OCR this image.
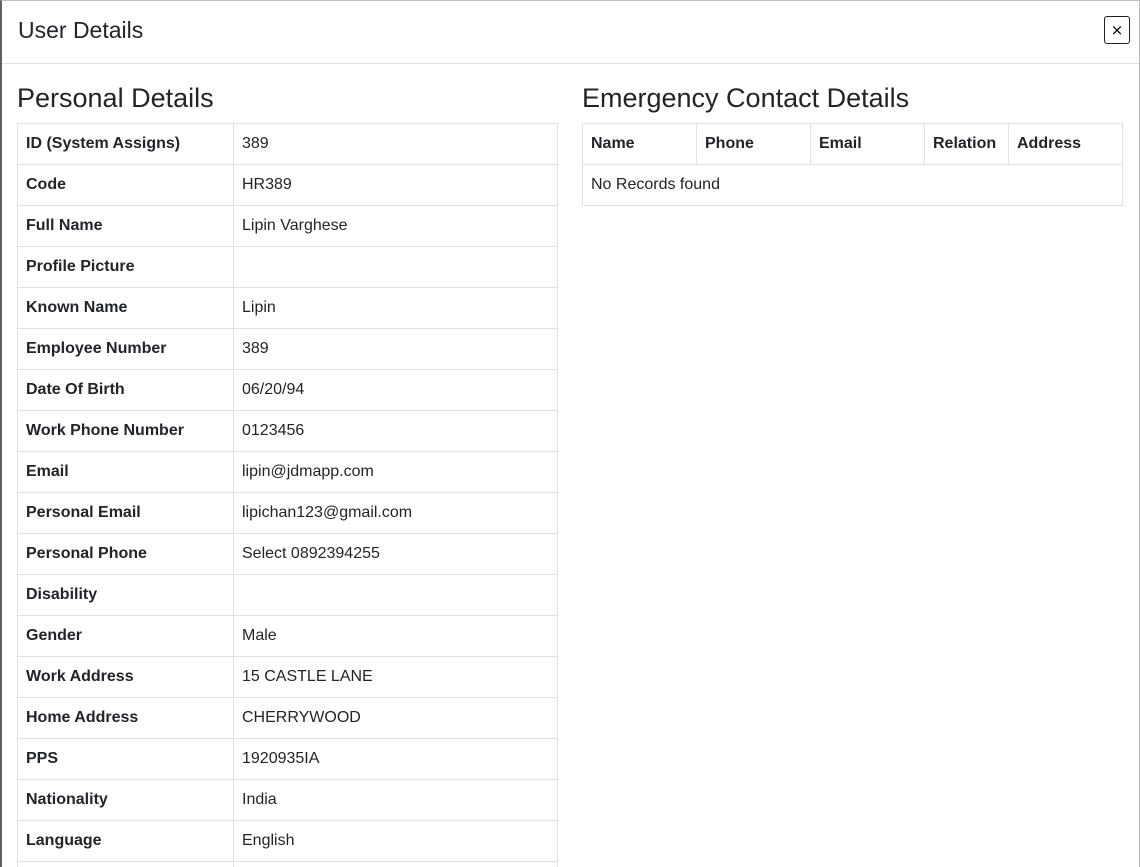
User Details	×
Personal Details
ID (System Assigns)	389
Code	HR389
Full Name	Lipin Varghese
Profile Picture	
Known Name	Lipin
Employee Number	389
Date Of Birth	06/20/94
Work Phone Number	0123456
Email	lipin@jdmapp.com
Personal Email	lipichan123@gmail.com
Personal Phone	Select 0892394255
Disability	
Gender	Male
Work Address	15 CASTLE LANE
Home Address	CHERRYWOOD
PPS	1920935IA
Nationality	India
Language	English

Emergency Contact Details
Name	Phone	Email	Relation	Address
No Records found
